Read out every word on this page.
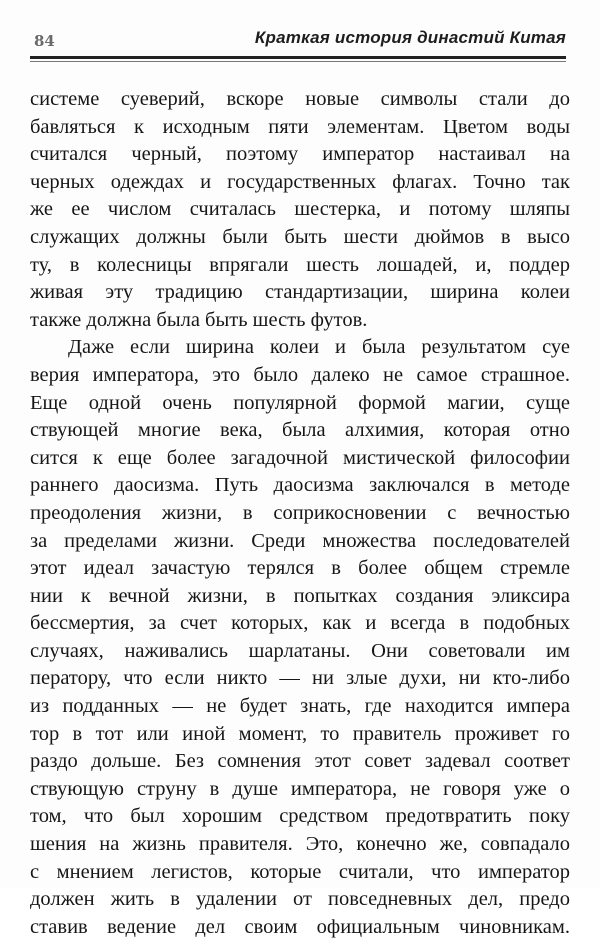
84	Краткая история династий Китая
системе суеверий, вскоре новые символы стали до
бавляться к исходным пяти элементам. Цветом воды
считался черный, поэтому император настаивал на
черных одеждах и государственных флагах. Точно так
же ее числом считалась шестерка, и потому шляпы
служащих должны были быть шести дюймов в высо
ту, в колесницы впрягали шесть лошадей, и, поддер
живая эту традицию стандартизации, ширина колеи
также должна была быть шесть футов.
Даже если ширина колеи и была результатом суе
верия императора, это было далеко не самое страшное.
Еще одной очень популярной формой магии, суще
ствующей многие века, была алхимия, которая отно
сится к еще более загадочной мистической философии
раннего даосизма. Путь даосизма заключался в методе
преодоления жизни, в соприкосновении с вечностью
за пределами жизни. Среди множества последователей
этот идеал зачастую терялся в более общем стремле
нии к вечной жизни, в попытках создания эликсира
бессмертия, за счет которых, как и всегда в подобных
случаях, наживались шарлатаны. Они советовали им
ператору, что если никто — ни злые духи, ни кто-либо
из подданных — не будет знать, где находится импера
тор в тот или иной момент, то правитель проживет го
раздо дольше. Без сомнения этот совет задевал соответ
ствующую струну в душе императора, не говоря уже о
том, что был хорошим средством предотвратить поку
шения на жизнь правителя. Это, конечно же, совпадало
с мнением легистов, которые считали, что император
должен жить в удалении от повседневных дел, предо
ставив ведение дел своим официальным чиновникам.
